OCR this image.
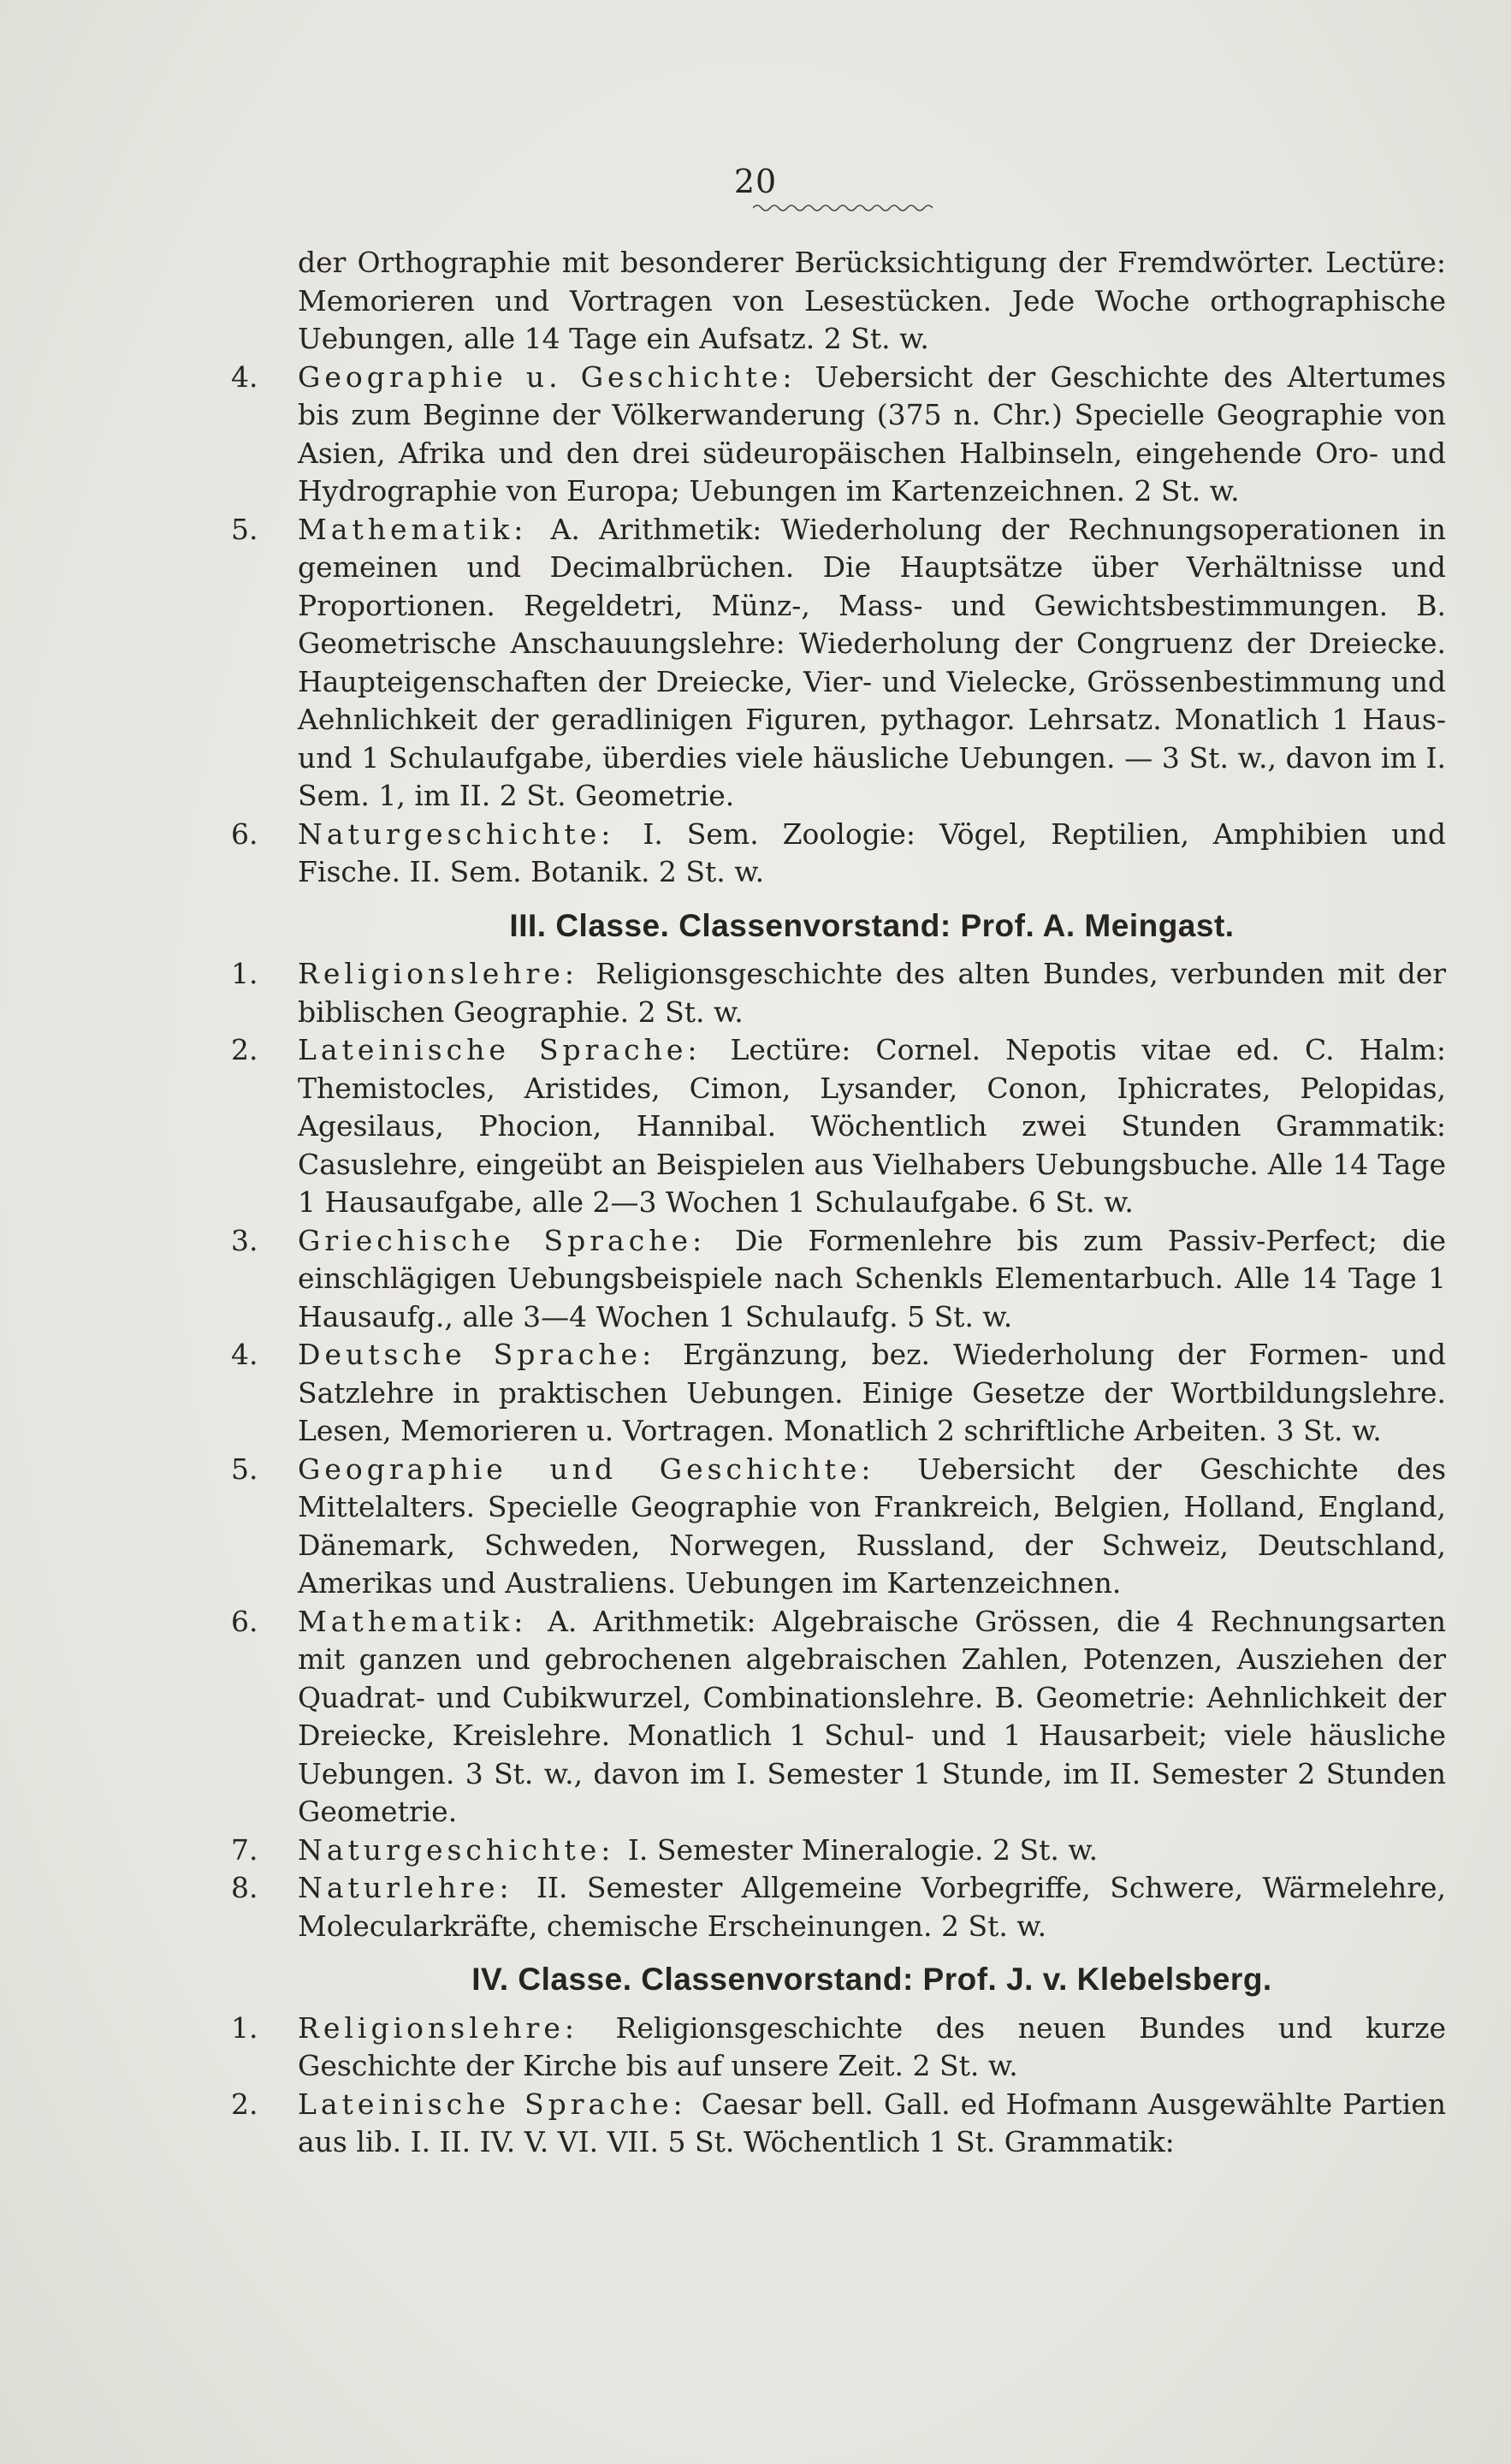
20

der Orthographie mit besonderer Berücksichtigung der Fremdwörter. Lectüre: Memorieren und Vortragen von Lesestücken. Jede Woche orthographische Uebungen, alle 14 Tage ein Aufsatz. 2 St. w.

4.	Geographie u. Geschichte: Uebersicht der Geschichte des Altertumes bis zum Beginne der Völkerwanderung (375 n. Chr.) Specielle Geographie von Asien, Afrika und den drei südeuropäischen Halbinseln, eingehende Oro- und Hydrographie von Europa; Uebungen im Kartenzeichnen. 2 St. w.
5.	Mathematik: A. Arithmetik: Wiederholung der Rechnungsoperationen in gemeinen und Decimalbrüchen. Die Hauptsätze über Verhältnisse und Proportionen. Regeldetri, Münz-, Mass- und Gewichtsbestimmungen. B. Geometrische Anschauungslehre: Wiederholung der Congruenz der Dreiecke. Haupteigenschaften der Dreiecke, Vier- und Vielecke, Grössenbestimmung und Aehnlichkeit der geradlinigen Figuren, pythagor. Lehrsatz. Monatlich 1 Haus- und 1 Schulaufgabe, überdies viele häusliche Uebungen. — 3 St. w., davon im I. Sem. 1, im II. 2 St. Geometrie.
6.	Naturgeschichte: I. Sem. Zoologie: Vögel, Reptilien, Amphibien und Fische. II. Sem. Botanik. 2 St. w.
III. Classe. Classenvorstand: Prof. A. Meingast.
1.	Religionslehre: Religionsgeschichte des alten Bundes, verbunden mit der biblischen Geographie. 2 St. w.
2.	Lateinische Sprache: Lectüre: Cornel. Nepotis vitae ed. C. Halm: Themistocles, Aristides, Cimon, Lysander, Conon, Iphicrates, Pelopidas, Agesilaus, Phocion, Hannibal. Wöchentlich zwei Stunden Grammatik: Casuslehre, eingeübt an Beispielen aus Vielhabers Uebungsbuche. Alle 14 Tage 1 Hausaufgabe, alle 2—3 Wochen 1 Schulaufgabe. 6 St. w.
3.	Griechische Sprache: Die Formenlehre bis zum Passiv-Perfect; die einschlägigen Uebungsbeispiele nach Schenkls Elementarbuch. Alle 14 Tage 1 Hausaufg., alle 3—4 Wochen 1 Schulaufg. 5 St. w.
4.	Deutsche Sprache: Ergänzung, bez. Wiederholung der Formen- und Satzlehre in praktischen Uebungen. Einige Gesetze der Wortbildungslehre. Lesen, Memorieren u. Vortragen. Monatlich 2 schriftliche Arbeiten. 3 St. w.
5.	Geographie und Geschichte: Uebersicht der Geschichte des Mittelalters. Specielle Geographie von Frankreich, Belgien, Holland, England, Dänemark, Schweden, Norwegen, Russland, der Schweiz, Deutschland, Amerikas und Australiens. Uebungen im Kartenzeichnen.
6.	Mathematik: A. Arithmetik: Algebraische Grössen, die 4 Rechnungsarten mit ganzen und gebrochenen algebraischen Zahlen, Potenzen, Ausziehen der Quadrat- und Cubikwurzel, Combinationslehre. B. Geometrie: Aehnlichkeit der Dreiecke, Kreislehre. Monatlich 1 Schul- und 1 Hausarbeit; viele häusliche Uebungen. 3 St. w., davon im I. Semester 1 Stunde, im II. Semester 2 Stunden Geometrie.
7.	Naturgeschichte: I. Semester Mineralogie. 2 St. w.
8.	Naturlehre: II. Semester Allgemeine Vorbegriffe, Schwere, Wärmelehre, Molecularkräfte, chemische Erscheinungen. 2 St. w.
IV. Classe. Classenvorstand: Prof. J. v. Klebelsberg.
1.	Religionslehre: Religionsgeschichte des neuen Bundes und kurze Geschichte der Kirche bis auf unsere Zeit. 2 St. w.
2.	Lateinische Sprache: Caesar bell. Gall. ed Hofmann Ausgewählte Partien aus lib. I. II. IV. V. VI. VII. 5 St. Wöchentlich 1 St. Grammatik:
